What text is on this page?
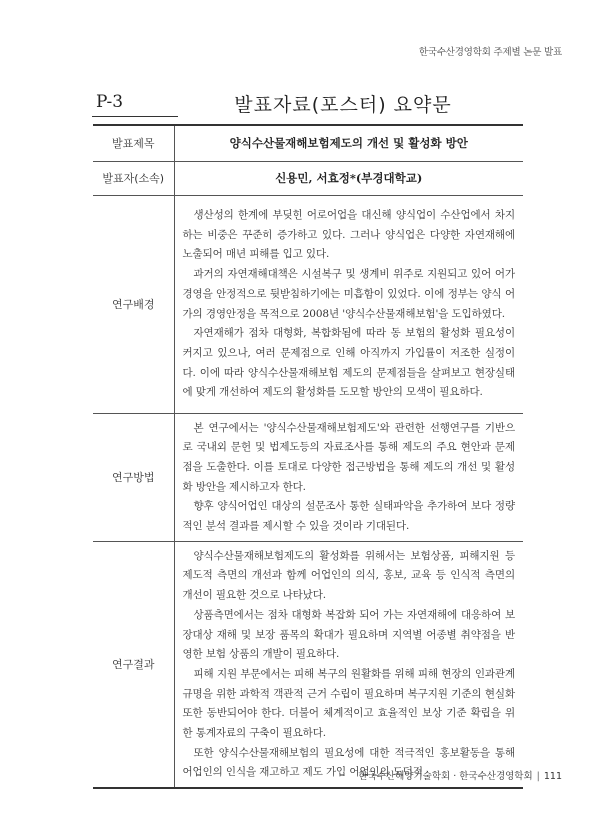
한국수산경영학회 주제별 논문 발표
P-3	발표자료(포스터) 요약문
발표제목	양식수산물재해보험제도의 개선 및 활성화 방안
발표자(소속)	신용민, 서효정*(부경대학교)
연구배경	생산성의 한계에 부딪힌 어로어업을 대신해 양식업이 수산업에서 차지하는 비중은 꾸준히 증가하고 있다. 그러나 양식업은 다양한 자연재해에 노출되어 매년 피해를 입고 있다.

과거의 자연재해대책은 시설복구 및 생계비 위주로 지원되고 있어 어가경영을 안정적으로 뒷받침하기에는 미흡함이 있었다. 이에 정부는 양식 어가의 경영안정을 목적으로 2008년 '양식수산물재해보험'을 도입하였다.

자연재해가 점차 대형화, 복합화됨에 따라 동 보험의 활성화 필요성이 커지고 있으나, 여러 문제점으로 인해 아직까지 가입률이 저조한 실정이다. 이에 따라 양식수산물재해보험 제도의 문제점들을 살펴보고 현장실태에 맞게 개선하여 제도의 활성화를 도모할 방안의 모색이 필요하다.

연구방법	본 연구에서는 '양식수산물재해보험제도'와 관련한 선행연구를 기반으로 국내외 문헌 및 법제도등의 자료조사를 통해 제도의 주요 현안과 문제점을 도출한다. 이를 토대로 다양한 접근방법을 통해 제도의 개선 및 활성화 방안을 제시하고자 한다.

향후 양식어업인 대상의 설문조사 통한 실태파악을 추가하여 보다 정량적인 분석 결과를 제시할 수 있을 것이라 기대된다.

연구결과	양식수산물재해보험제도의 활성화를 위해서는 보험상품, 피해지원 등 제도적 측면의 개선과 함께 어업인의 의식, 홍보, 교육 등 인식적 측면의 개선이 필요한 것으로 나타났다.

상품측면에서는 점차 대형화 복잡화 되어 가는 자연재해에 대응하여 보장대상 재해 및 보장 품목의 확대가 필요하며 지역별 어종별 취약점을 반영한 보험 상품의 개발이 필요하다.

피해 지원 부문에서는 피해 복구의 원활화를 위해 피해 현장의 인과관계 규명을 위한 과학적 객관적 근거 수립이 필요하며 복구지원 기준의 현실화 또한 동반되어야 한다. 더불어 체계적이고 효율적인 보상 기준 확립을 위한 통계자료의 구축이 필요하다.

또한 양식수산물재해보험의 필요성에 대한 적극적인 홍보활동을 통해 어업인의 인식을 재고하고 제도 가입 어업인의 도덕적

한국수산해양기술학회 · 한국수산경영학회 | 111
